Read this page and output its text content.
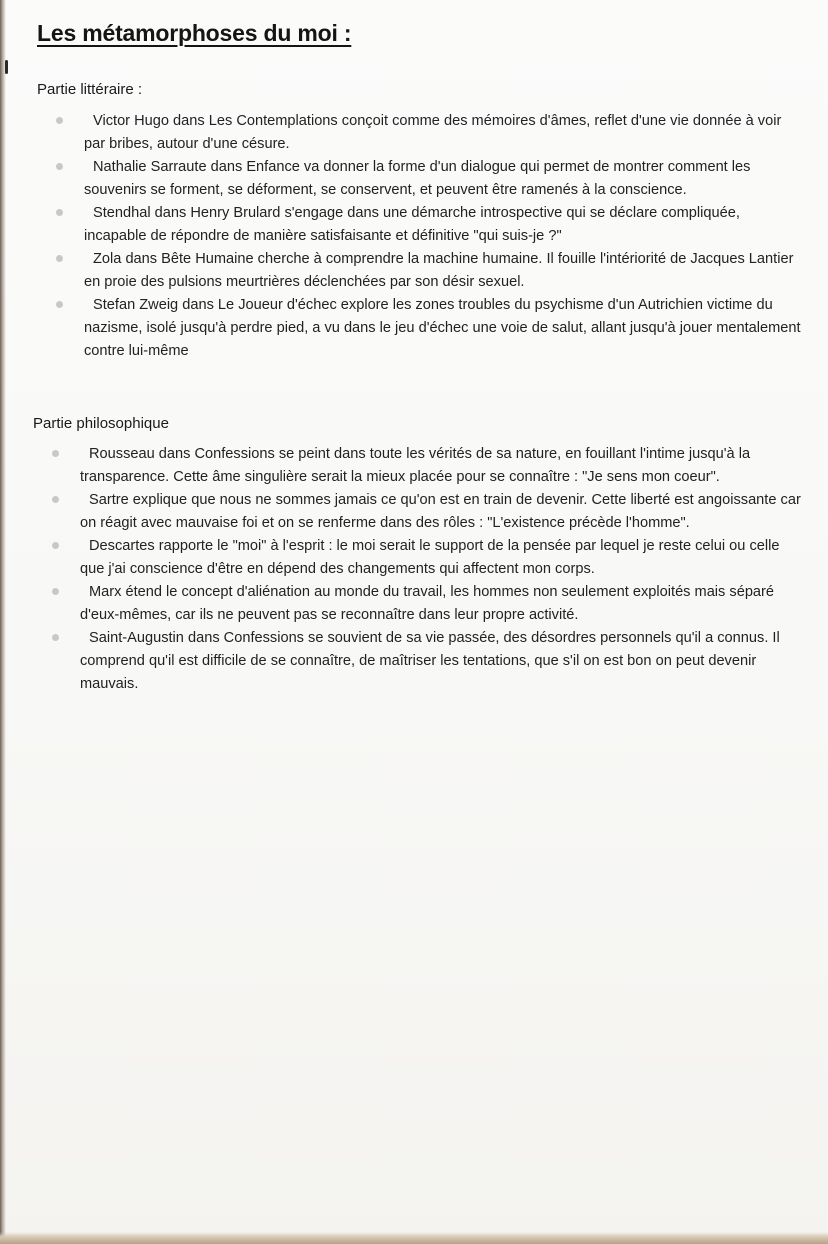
Les métamorphoses du moi :
Partie littéraire :
Victor Hugo dans Les Contemplations conçoit comme des mémoires d'âmes, reflet d'une vie donnée à voir par bribes, autour d'une césure.
Nathalie Sarraute dans Enfance va donner la forme d'un dialogue qui permet de montrer comment les souvenirs se forment, se déforment, se conservent, et peuvent être ramenés à la conscience.
Stendhal dans Henry Brulard s'engage dans une démarche introspective qui se déclare compliquée, incapable de répondre de manière satisfaisante et définitive "qui suis-je ?"
Zola dans Bête Humaine cherche à comprendre la machine humaine. Il fouille l'intériorité de Jacques Lantier en proie des pulsions meurtrières déclenchées par son désir sexuel.
Stefan Zweig dans Le Joueur d'échec explore les zones troubles du psychisme d'un Autrichien victime du nazisme, isolé jusqu'à perdre pied, a vu dans le jeu d'échec une voie de salut, allant jusqu'à jouer mentalement contre lui-même
Partie philosophique
Rousseau dans Confessions se peint dans toute les vérités de sa nature, en fouillant l'intime jusqu'à la transparence. Cette âme singulière serait la mieux placée pour se connaître : "Je sens mon coeur".
Sartre explique que nous ne sommes jamais ce qu'on est en train de devenir. Cette liberté est angoissante car on réagit avec mauvaise foi et on se renferme dans des rôles : "L'existence précède l'homme".
Descartes rapporte le "moi" à l'esprit : le moi serait le support de la pensée par lequel je reste celui ou celle que j'ai conscience d'être en dépend des changements qui affectent mon corps.
Marx étend le concept d'aliénation au monde du travail, les hommes non seulement exploités mais séparé d'eux-mêmes, car ils ne peuvent pas se reconnaître dans leur propre activité.
Saint-Augustin dans Confessions se souvient de sa vie passée, des désordres personnels qu'il a connus. Il comprend qu'il est difficile de se connaître, de maîtriser les tentations, que s'il on est bon on peut devenir mauvais.
